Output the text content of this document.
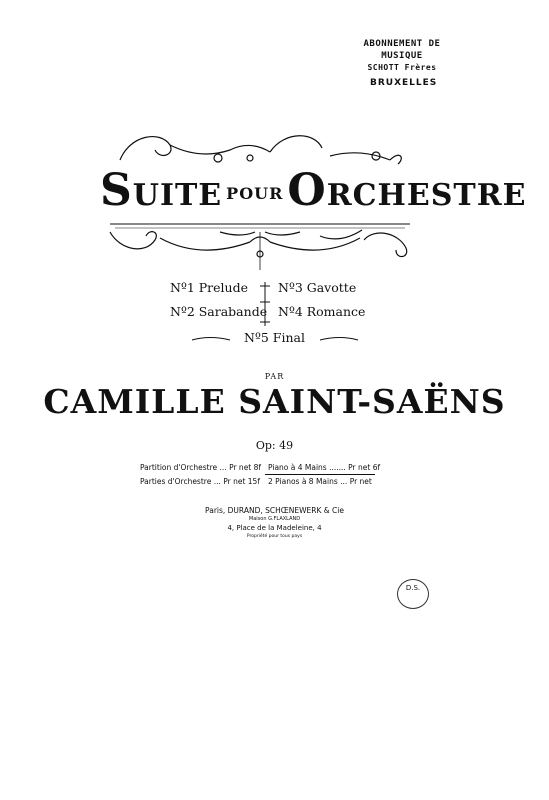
ABONNEMENT DE MUSIQUE
SCHOTT Frères
BRUXELLES
SUITE POURORCHESTRE
Nº1 Prelude
Nº2 Sarabande
Nº3 Gavotte
Nº4 Romance
Nº5 Final
PAR
CAMILLE SAINT-SAËNS
Op: 49
Partition d'Orchestre ... Pr net 8f
Parties d'Orchestre ... Pr net 15f
Piano à 4 Mains ....... Pr net 6f
2 Pianos à 8 Mains ... Pr net
Paris, DURAND, SCHŒNEWERK & Cie
Maison G.FLAXLAND
4, Place de la Madeleine, 4
Propriété pour tous pays
D.S.
